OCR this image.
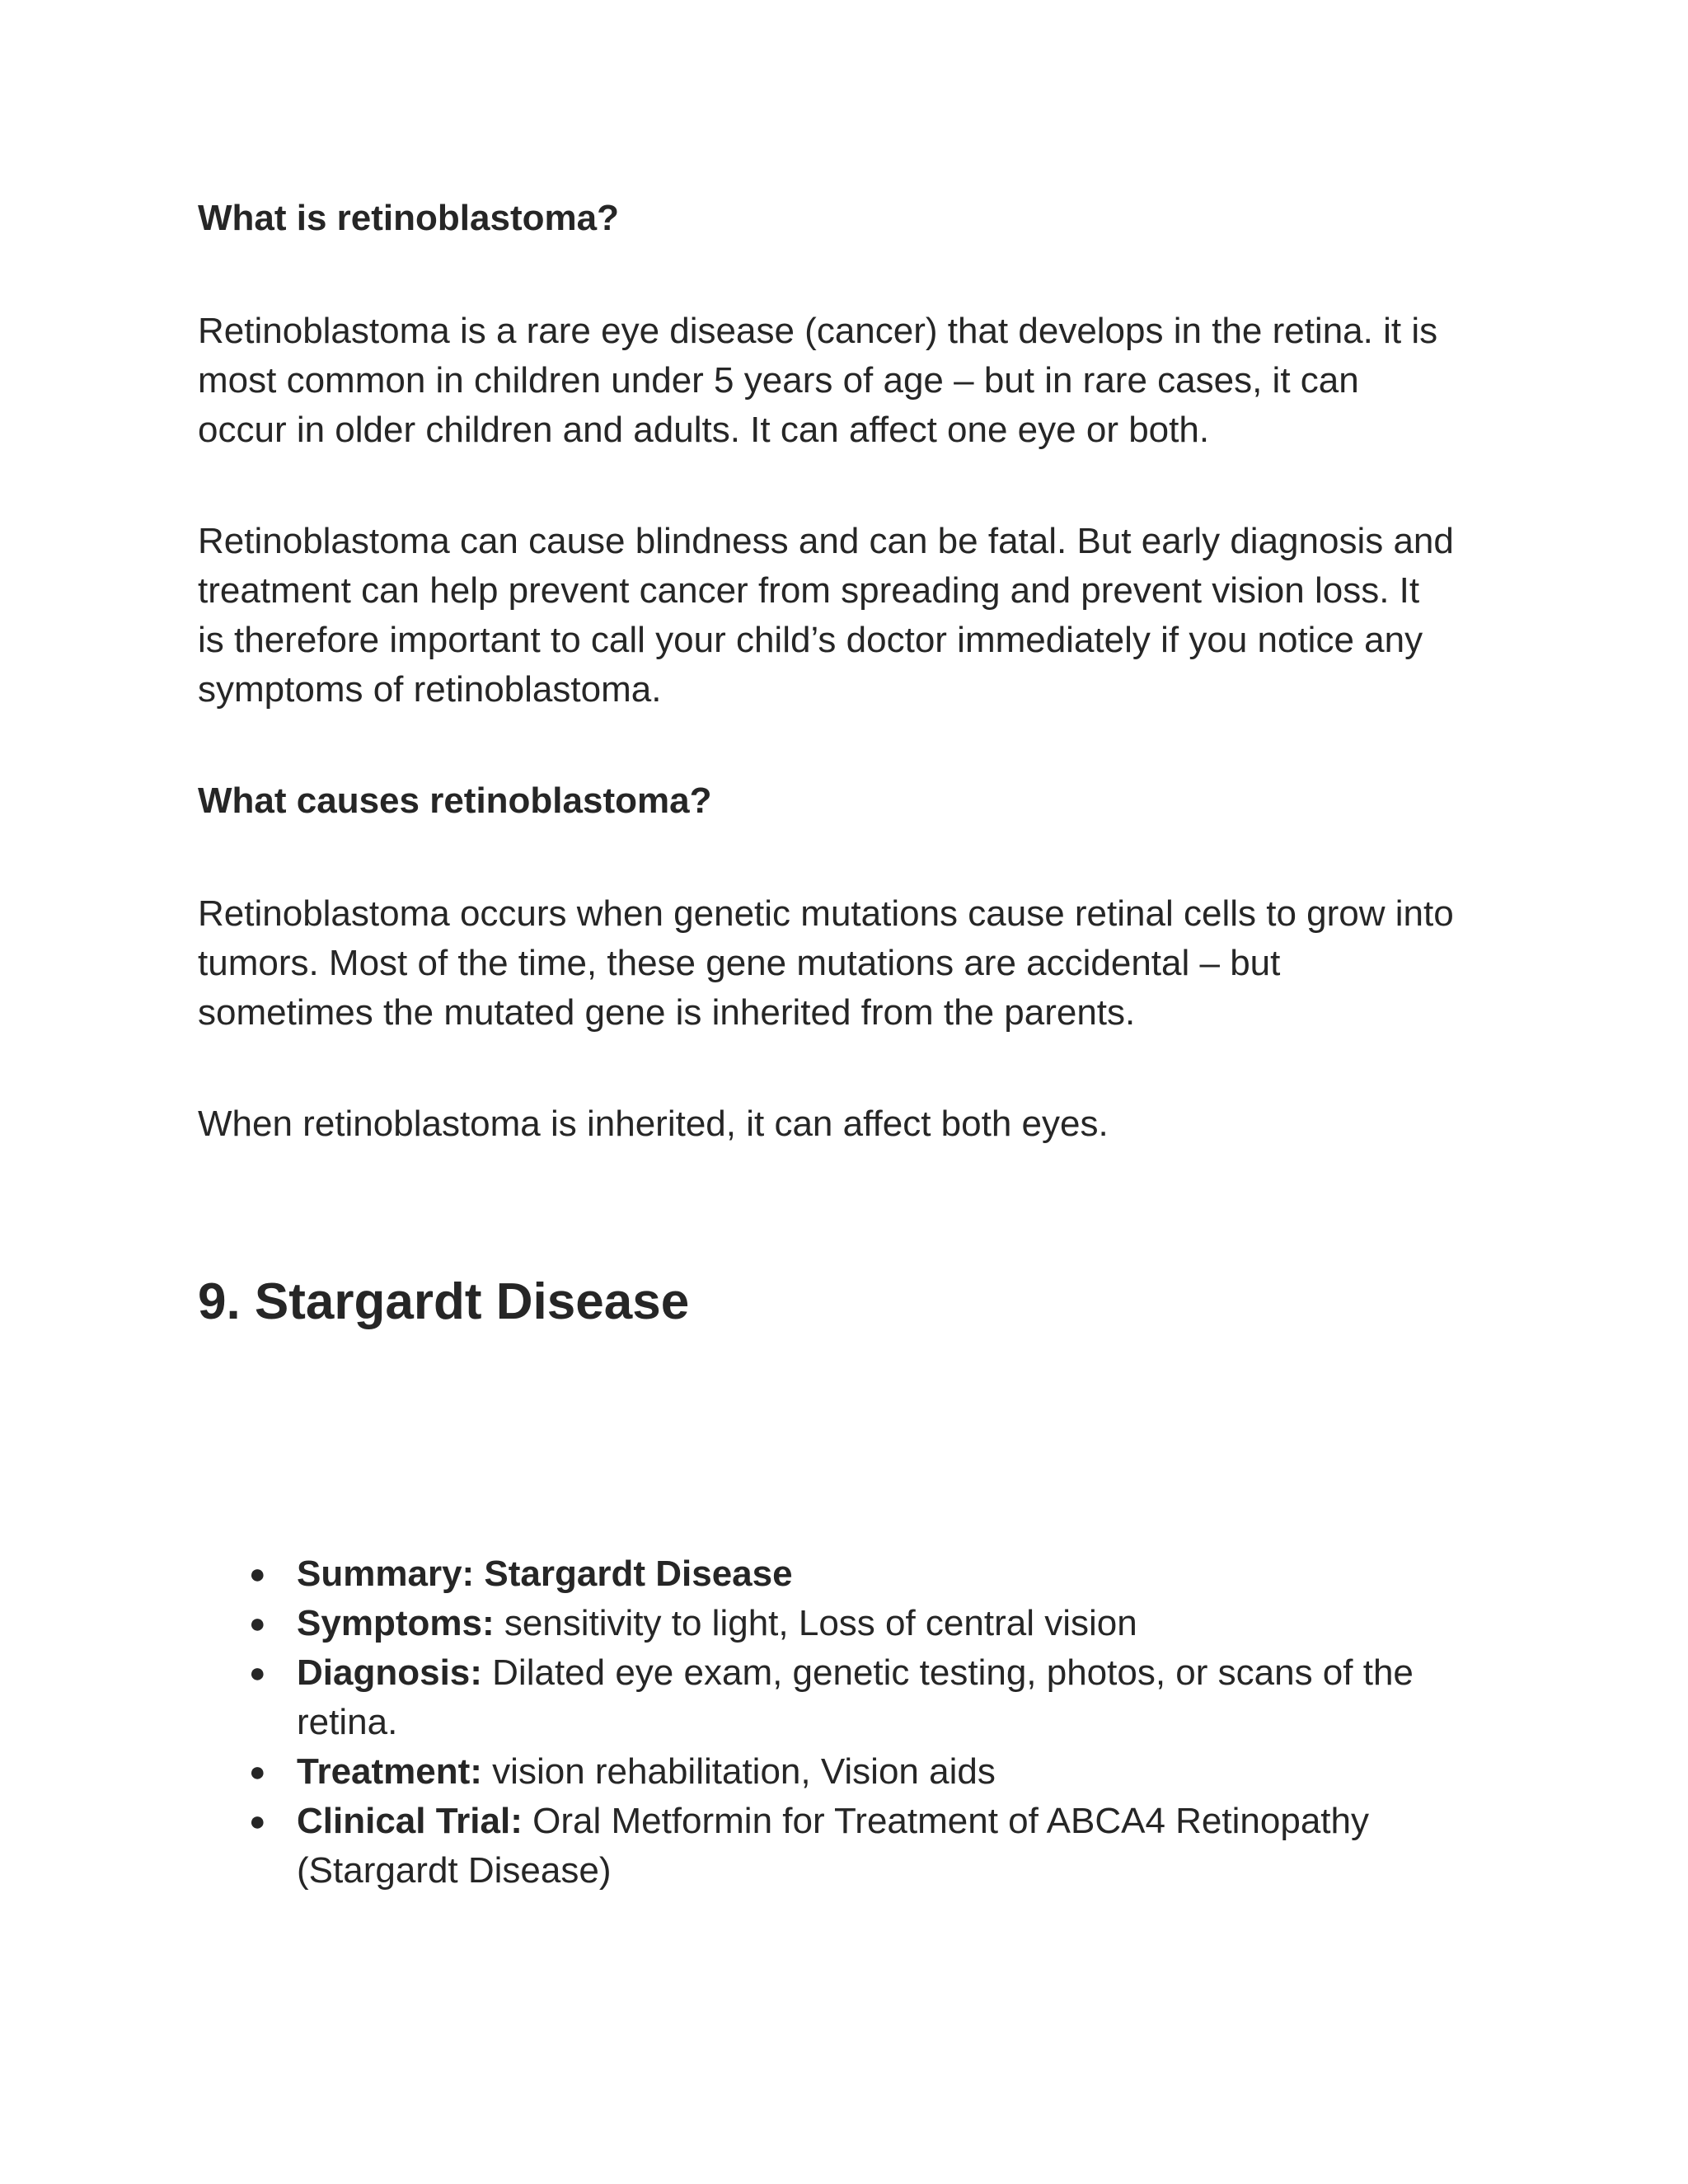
What is retinoblastoma?

Retinoblastoma is a rare eye disease (cancer) that develops in the retina. it is

most common in children under 5 years of age – but in rare cases, it can

occur in older children and adults. It can affect one eye or both.

Retinoblastoma can cause blindness and can be fatal. But early diagnosis and

treatment can help prevent cancer from spreading and prevent vision loss. It

is therefore important to call your child’s doctor immediately if you notice any

symptoms of retinoblastoma.

What causes retinoblastoma?

Retinoblastoma occurs when genetic mutations cause retinal cells to grow into

tumors. Most of the time, these gene mutations are accidental – but

sometimes the mutated gene is inherited from the parents.

When retinoblastoma is inherited, it can affect both eyes.

9. Stargardt Disease
● Summary: Stargardt Disease
● Symptoms: sensitivity to light, Loss of central vision
● Diagnosis: Dilated eye exam, genetic testing, photos, or scans of the
retina.
● Treatment: vision rehabilitation, Vision aids
● Clinical Trial: Oral Metformin for Treatment of ABCA4 Retinopathy
(Stargardt Disease)
